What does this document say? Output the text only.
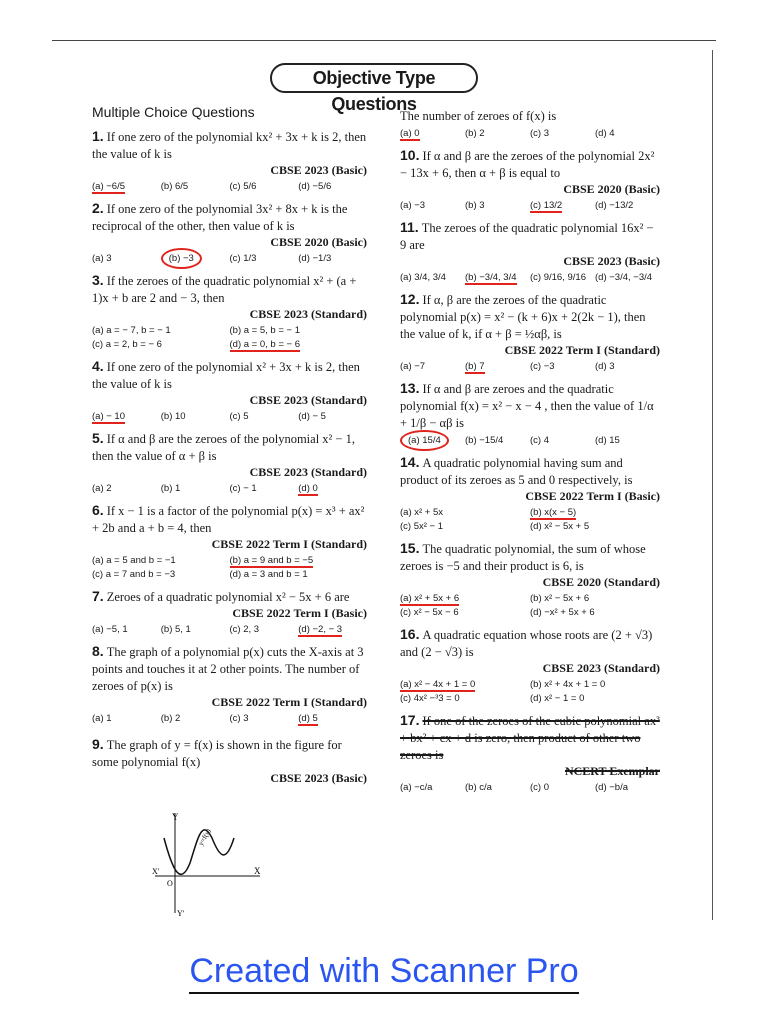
Objective Type Questions
Multiple Choice Questions
1. If one zero of the polynomial kx² + 3x + k is 2, then the value of k is
CBSE 2023 (Basic)
(a) −6/5	(b) 6/5	(c) 5/6	(d) −5/6
2. If one zero of the polynomial 3x² + 8x + k is the reciprocal of the other, then value of k is
CBSE 2020 (Basic)
(a) 3	(b) −3	(c) 1/3	(d) −1/3
3. If the zeroes of the quadratic polynomial x² + (a + 1)x + b are 2 and − 3, then
CBSE 2023 (Standard)
(a) a = − 7, b = − 1	(b) a = 5, b = − 1
(c) a = 2, b = − 6	(d) a = 0, b = − 6
4. If one zero of the polynomial x² + 3x + k is 2, then the value of k is
CBSE 2023 (Standard)
(a) − 10	(b) 10	(c) 5	(d) − 5
5. If α and β are the zeroes of the polynomial x² − 1, then the value of α + β is
CBSE 2023 (Standard)
(a) 2	(b) 1	(c) − 1	(d) 0
6. If x − 1 is a factor of the polynomial p(x) = x³ + ax² + 2b and a + b = 4, then
CBSE 2022 Term I (Standard)
(a) a = 5 and b = −1	(b) a = 9 and b = −5
(c) a = 7 and b = −3	(d) a = 3 and b = 1
7. Zeroes of a quadratic polynomial x² − 5x + 6 are
CBSE 2022 Term I (Basic)
(a) −5, 1	(b) 5, 1	(c) 2, 3	(d) −2, − 3
8. The graph of a polynomial p(x) cuts the X-axis at 3 points and touches it at 2 other points. The number of zeroes of p(x) is
CBSE 2022 Term I (Standard)
(a) 1	(b) 2	(c) 3	(d) 5
9. The graph of y = f(x) is shown in the figure for some polynomial f(x)
CBSE 2023 (Basic)
The number of zeroes of f(x) is
(a) 0	(b) 2	(c) 3	(d) 4
10. If α and β are the zeroes of the polynomial 2x² − 13x + 6, then α + β is equal to
CBSE 2020 (Basic)
(a) −3	(b) 3	(c) 13/2	(d) −13/2
11. The zeroes of the quadratic polynomial 16x² − 9 are
CBSE 2023 (Basic)
(a) 3/4, 3/4	(b) −3/4, 3/4	(c) 9/16, 9/16 (d) −3/4, −3/4
12. If α, β are the zeroes of the quadratic polynomial p(x) = x² − (k + 6)x + 2(2k − 1), then the value of k, if α + β = ½αβ, is
CBSE 2022 Term I (Standard)
(a) −7	(b) 7	(c) −3	(d) 3
13. If α and β are zeroes and the quadratic polynomial f(x) = x² − x − 4 , then the value of 1/α + 1/β − αβ is
(a) 15/4	(b) −15/4	(c) 4	(d) 15
14. A quadratic polynomial having sum and product of its zeroes as 5 and 0 respectively, is
CBSE 2022 Term I (Basic)
(a) x² + 5x	(b) x(x − 5)
(c) 5x² − 1	(d) x² − 5x + 5
15. The quadratic polynomial, the sum of whose zeroes is −5 and their product is 6, is
CBSE 2020 (Standard)
(a) x² + 5x + 6	(b) x² − 5x + 6
(c) x² − 5x − 6	(d) −x² + 5x + 6
16. A quadratic equation whose roots are (2 + √3) and (2 − √3) is
CBSE 2023 (Standard)
(a) x² − 4x + 1 = 0	(b) x² + 4x + 1 = 0
(c) 4x² −³3 = 0	(d) x² − 1 = 0
17. If one of the zeroes of the cubic polynomial ax³ + bx² + cx + d is zero, then product of other two zeroes is
NCERT Exemplar
(a) −c/a	(b) c/a	(c) 0	(d) −b/a
Y
X
X′
Y′
O
y=f(x)
Created with Scanner Pro
